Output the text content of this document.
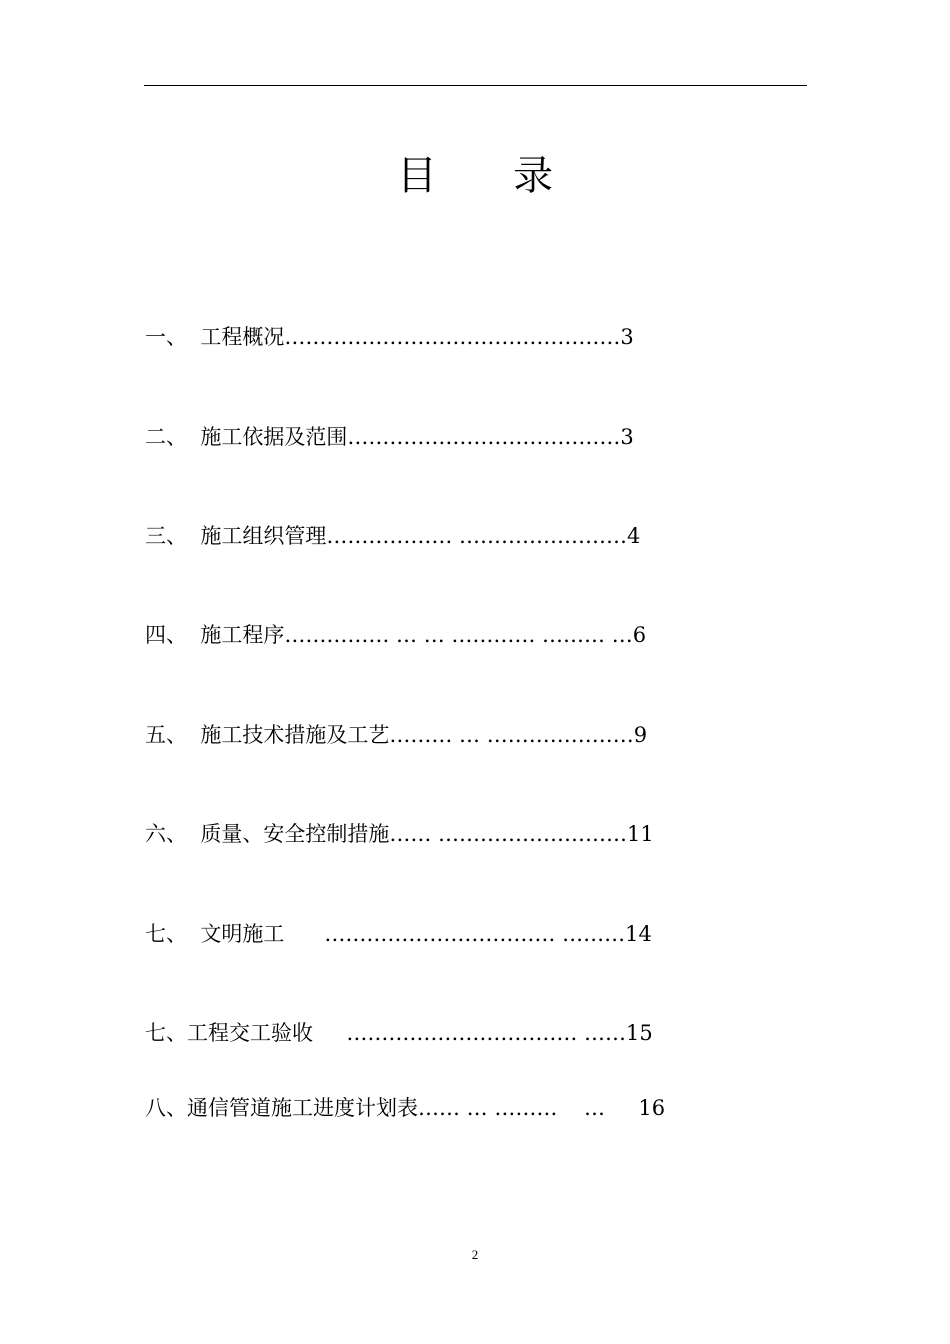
目      录
一、  工程概况…………………………………………3
二、  施工依据及范围…………………………………3
三、  施工组织管理……………… ……………………4
四、  施工程序…………… … … ………… ……… …6
五、  施工技术措施及工艺……… … …………………9
六、  质量、安全控制措施…… ………………………11
七、  文明施工      …………………………… ………14
七、工程交工验收     …………………………… ……15
八、通信管道施工进度计划表…… … ………    …     16
2
